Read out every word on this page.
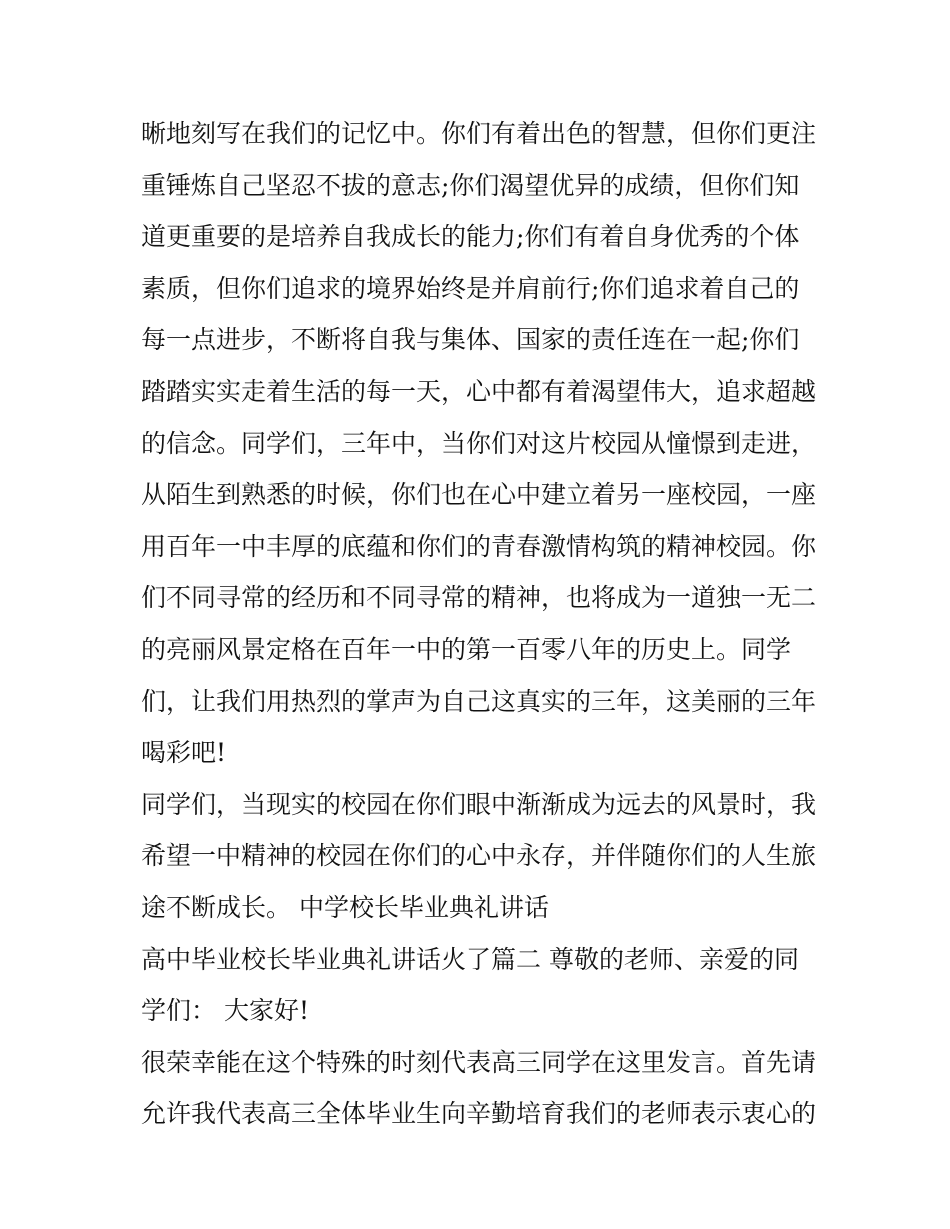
晰地刻写在我们的记忆中。你们有着出色的智慧，但你们更注
重锤炼自己坚忍不拔的意志;你们渴望优异的成绩，但你们知
道更重要的是培养自我成长的能力;你们有着自身优秀的个体
素质，但你们追求的境界始终是并肩前行;你们追求着自己的
每一点进步，不断将自我与集体、国家的责任连在一起;你们
踏踏实实走着生活的每一天，心中都有着渴望伟大，追求超越
的信念。同学们，三年中，当你们对这片校园从憧憬到走进，
从陌生到熟悉的时候，你们也在心中建立着另一座校园，一座
用百年一中丰厚的底蕴和你们的青春激情构筑的精神校园。你
们不同寻常的经历和不同寻常的精神，也将成为一道独一无二
的亮丽风景定格在百年一中的第一百零八年的历史上。同学
们，让我们用热烈的掌声为自己这真实的三年，这美丽的三年
喝彩吧!
同学们，当现实的校园在你们眼中渐渐成为远去的风景时，我
希望一中精神的校园在你们的心中永存，并伴随你们的人生旅
途不断成长。 中学校长毕业典礼讲话
高中毕业校长毕业典礼讲话火了篇二 尊敬的老师、亲爱的同
学们： 大家好!
很荣幸能在这个特殊的时刻代表高三同学在这里发言。首先请
允许我代表高三全体毕业生向辛勤培育我们的老师表示衷心的
